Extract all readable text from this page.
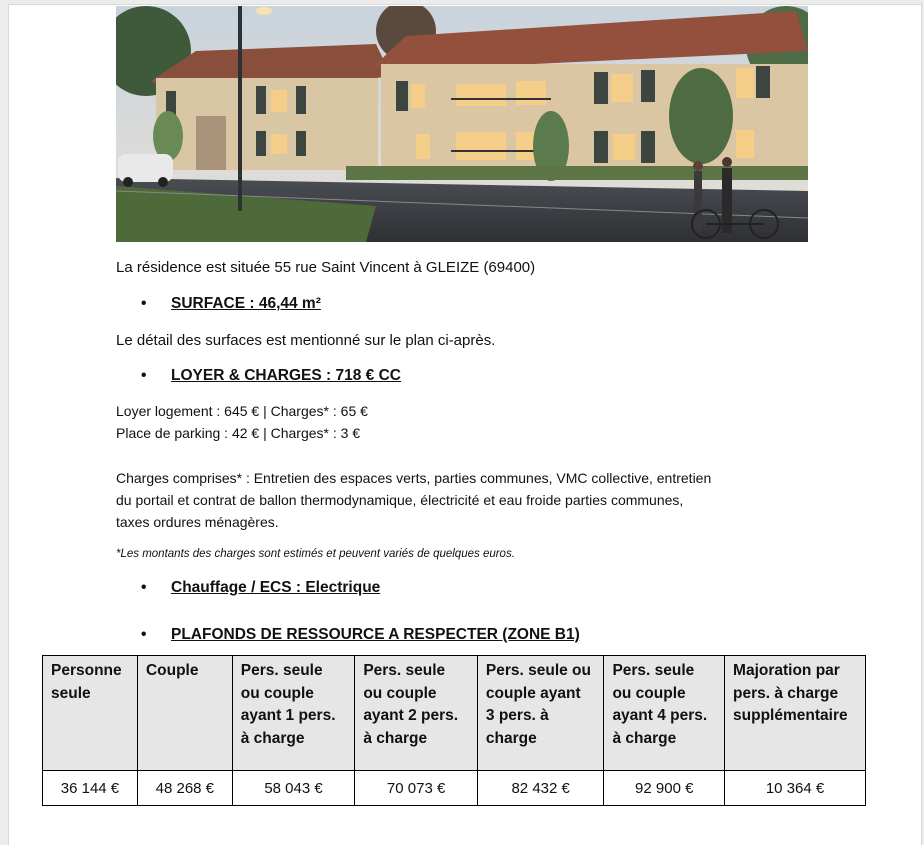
La résidence est située 55 rue Saint Vincent à GLEIZE (69400)

• SURFACE : 46,44 m²

Le détail des surfaces est mentionné sur le plan ci-après.

• LOYER & CHARGES : 718 € CC

Loyer logement : 645 € | Charges* : 65 €

Place de parking : 42 € | Charges* : 3 €

Charges comprises* : Entretien des espaces verts, parties communes, VMC collective, entretien

du portail et contrat de ballon thermodynamique, électricité et eau froide parties communes,

taxes ordures ménagères.

*Les montants des charges sont estimés et peuvent variés de quelques euros.

• Chauffage / ECS : Electrique
• PLAFONDS DE RESSOURCE A RESPECTER (ZONE B1)
Personne
seule	Couple	Pers. seule
ou couple
ayant 1 pers.
à charge	Pers. seule
ou couple
ayant 2 pers.
à charge	Pers. seule ou
couple ayant
3 pers. à
charge	Pers. seule
ou couple
ayant 4 pers.
à charge	Majoration par
pers. à charge
supplémentaire
36 144 €	48 268 €	58 043 €	70 073 €	82 432 €	92 900 €	10 364 €
